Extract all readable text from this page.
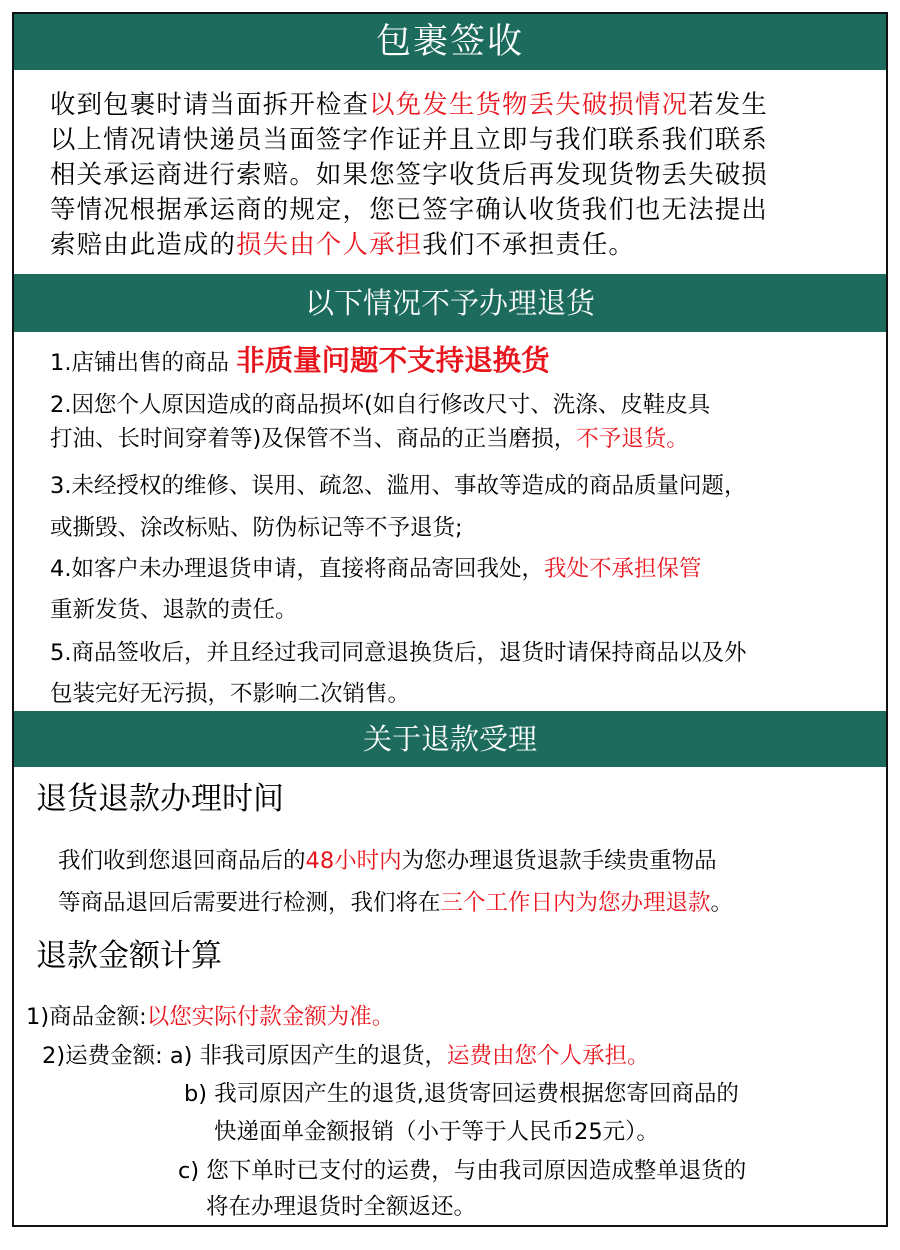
包裹签收
收到包裹时请当面拆开检查以免发生货物丢失破损情况若发生
以上情况请快递员当面签字作证并且立即与我们联系我们联系
相关承运商进行索赔。如果您签字收货后再发现货物丢失破损
等情况根据承运商的规定，您已签字确认收货我们也无法提出
索赔由此造成的损失由个人承担我们不承担责任。
以下情况不予办理退货
1.店铺出售的商品 非质量问题不支持退换货
2.因您个人原因造成的商品损坏(如自行修改尺寸、洗涤、皮鞋皮具
打油、长时间穿着等)及保管不当、商品的正当磨损，不予退货。
3.未经授权的维修、误用、疏忽、滥用、事故等造成的商品质量问题，
或撕毁、涂改标贴、防伪标记等不予退货;
4.如客户未办理退货申请，直接将商品寄回我处，我处不承担保管
重新发货、退款的责任。
5.商品签收后，并且经过我司同意退换货后，退货时请保持商品以及外
包装完好无污损，不影响二次销售。
关于退款受理
退货退款办理时间
我们收到您退回商品后的48小时内为您办理退货退款手续贵重物品
等商品退回后需要进行检测，我们将在三个工作日内为您办理退款。
退款金额计算
1)商品金额:以您实际付款金额为准。
2)运费金额: a) 非我司原因产生的退货，运费由您个人承担。
b) 我司原因产生的退货,退货寄回运费根据您寄回商品的
快递面单金额报销（小于等于人民币25元）。
c) 您下单时已支付的运费，与由我司原因造成整单退货的
将在办理退货时全额返还。
